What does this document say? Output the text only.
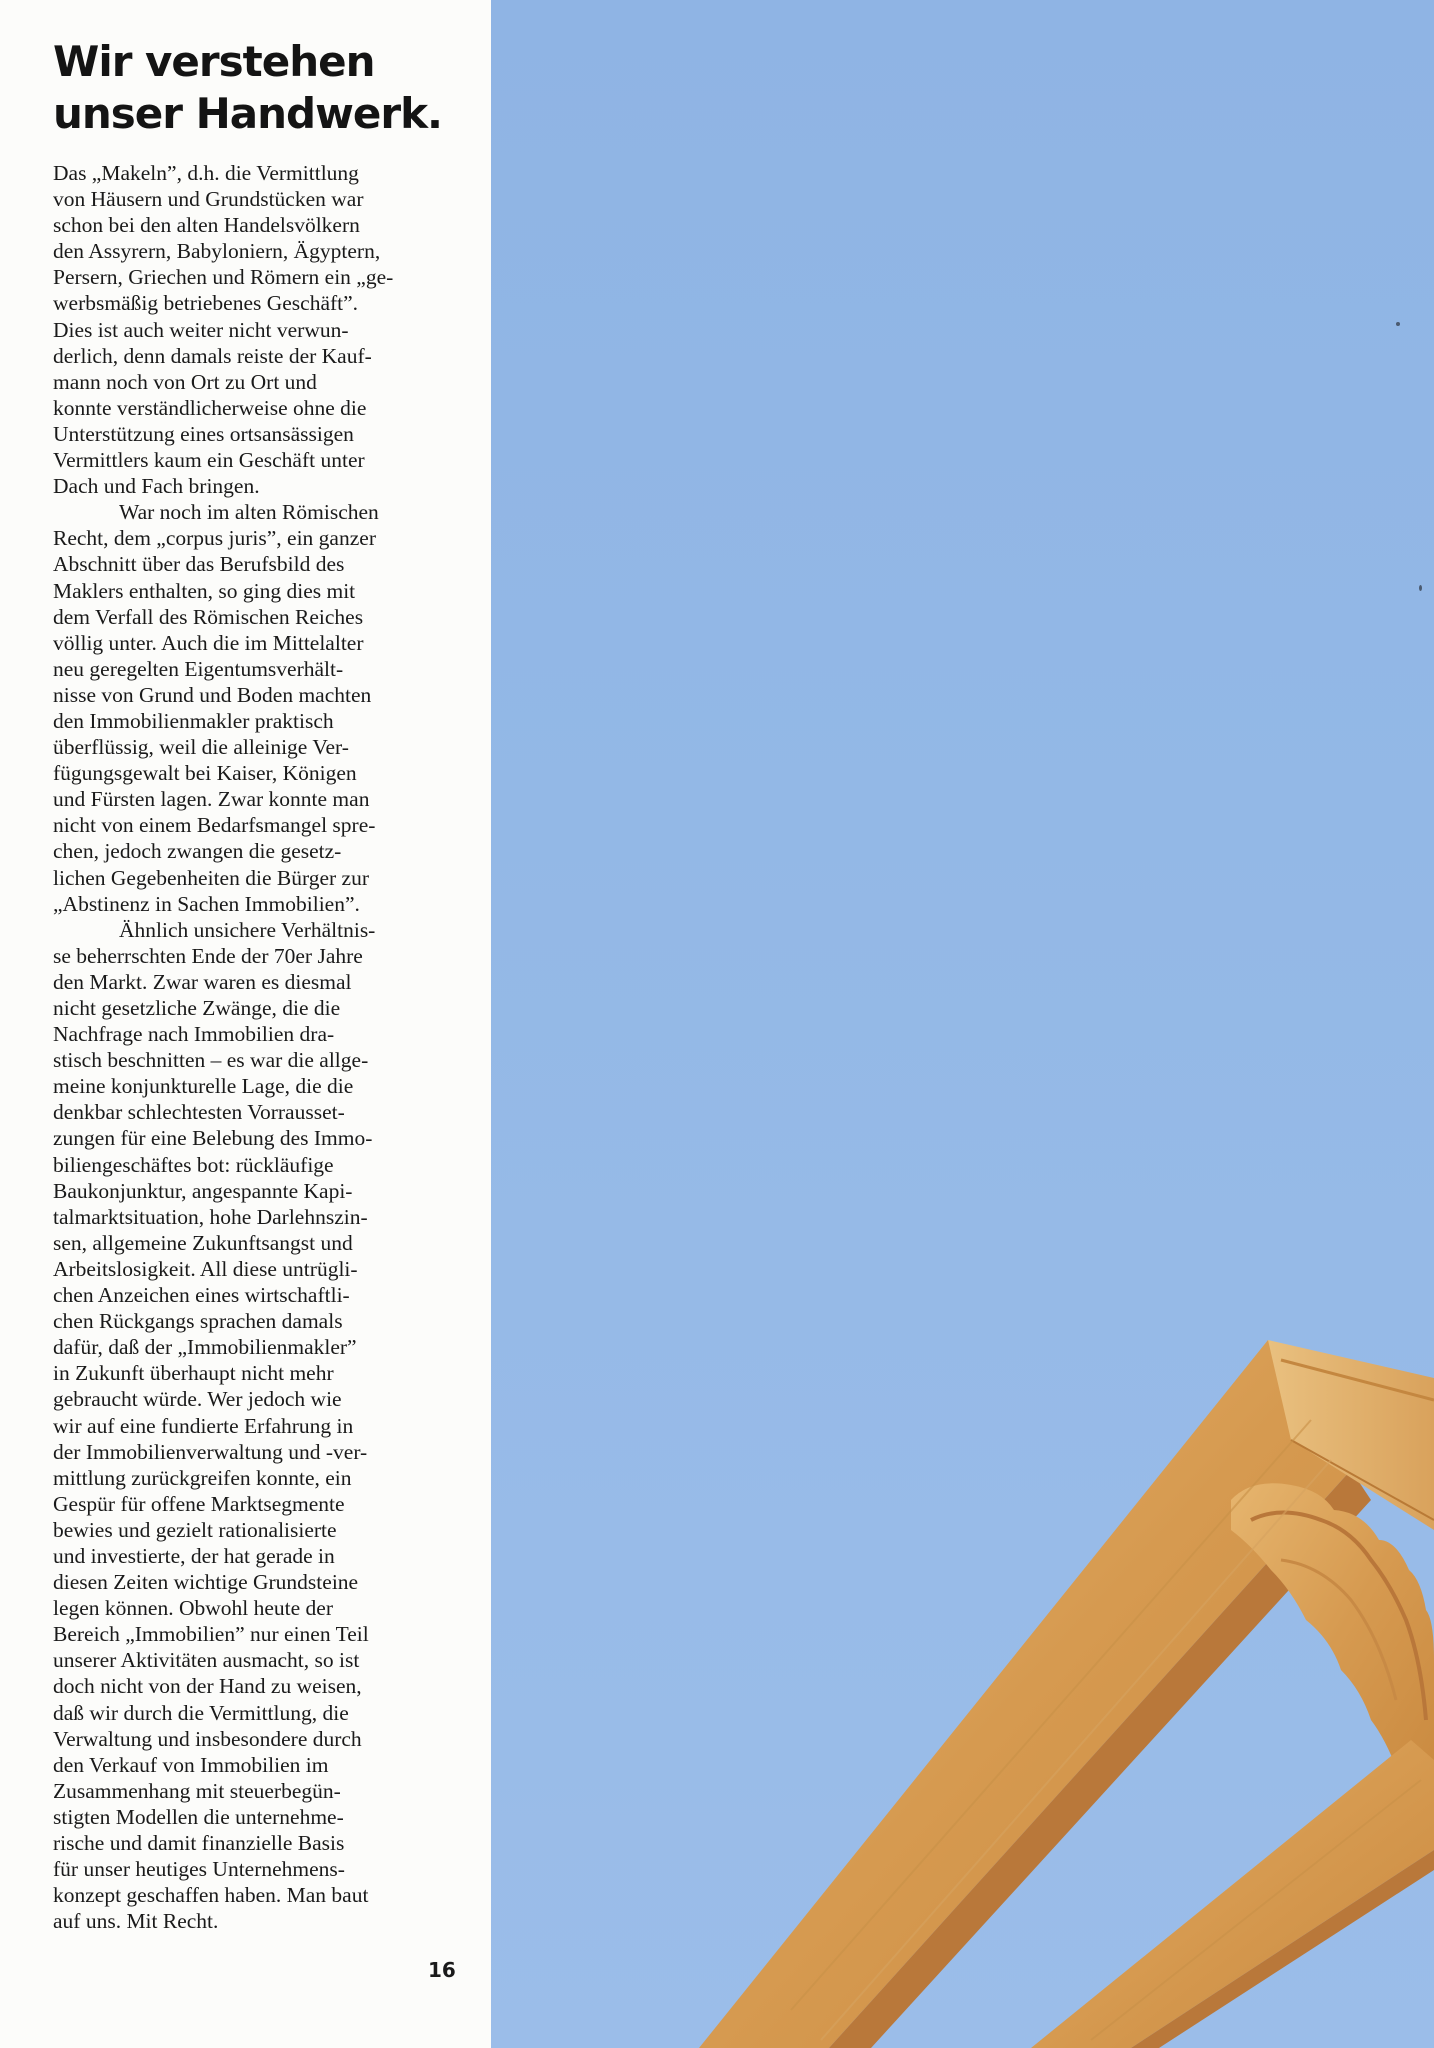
Wir verstehen
unser Handwerk.
Das „Makeln”, d.h. die Vermittlung
von Häusern und Grundstücken war
schon bei den alten Handelsvölkern
den Assyrern, Babyloniern, Ägyptern,
Persern, Griechen und Römern ein „ge-
werbsmäßig betriebenes Geschäft”.
Dies ist auch weiter nicht verwun-
derlich, denn damals reiste der Kauf-
mann noch von Ort zu Ort und
konnte verständlicherweise ohne die
Unterstützung eines ortsansässigen
Vermittlers kaum ein Geschäft unter
Dach und Fach bringen.
War noch im alten Römischen
Recht, dem „corpus juris”, ein ganzer
Abschnitt über das Berufsbild des
Maklers enthalten, so ging dies mit
dem Verfall des Römischen Reiches
völlig unter. Auch die im Mittelalter
neu geregelten Eigentumsverhält-
nisse von Grund und Boden machten
den Immobilienmakler praktisch
überflüssig, weil die alleinige Ver-
fügungsgewalt bei Kaiser, Königen
und Fürsten lagen. Zwar konnte man
nicht von einem Bedarfsmangel spre-
chen, jedoch zwangen die gesetz-
lichen Gegebenheiten die Bürger zur
„Abstinenz in Sachen Immobilien”.
Ähnlich unsichere Verhältnis-
se beherrschten Ende der 70er Jahre
den Markt. Zwar waren es diesmal
nicht gesetzliche Zwänge, die die
Nachfrage nach Immobilien dra-
stisch beschnitten – es war die allge-
meine konjunkturelle Lage, die die
denkbar schlechtesten Vorrausset-
zungen für eine Belebung des Immo-
biliengeschäftes bot: rückläufige
Baukonjunktur, angespannte Kapi-
talmarktsituation, hohe Darlehnszin-
sen, allgemeine Zukunftsangst und
Arbeitslosigkeit. All diese untrügli-
chen Anzeichen eines wirtschaftli-
chen Rückgangs sprachen damals
dafür, daß der „Immobilienmakler”
in Zukunft überhaupt nicht mehr
gebraucht würde. Wer jedoch wie
wir auf eine fundierte Erfahrung in
der Immobilienverwaltung und -ver-
mittlung zurückgreifen konnte, ein
Gespür für offene Marktsegmente
bewies und gezielt rationalisierte
und investierte, der hat gerade in
diesen Zeiten wichtige Grundsteine
legen können. Obwohl heute der
Bereich „Immobilien” nur einen Teil
unserer Aktivitäten ausmacht, so ist
doch nicht von der Hand zu weisen,
daß wir durch die Vermittlung, die
Verwaltung und insbesondere durch
den Verkauf von Immobilien im
Zusammenhang mit steuerbegün-
stigten Modellen die unternehme-
rische und damit finanzielle Basis
für unser heutiges Unternehmens-
konzept geschaffen haben. Man baut
auf uns. Mit Recht.
16
